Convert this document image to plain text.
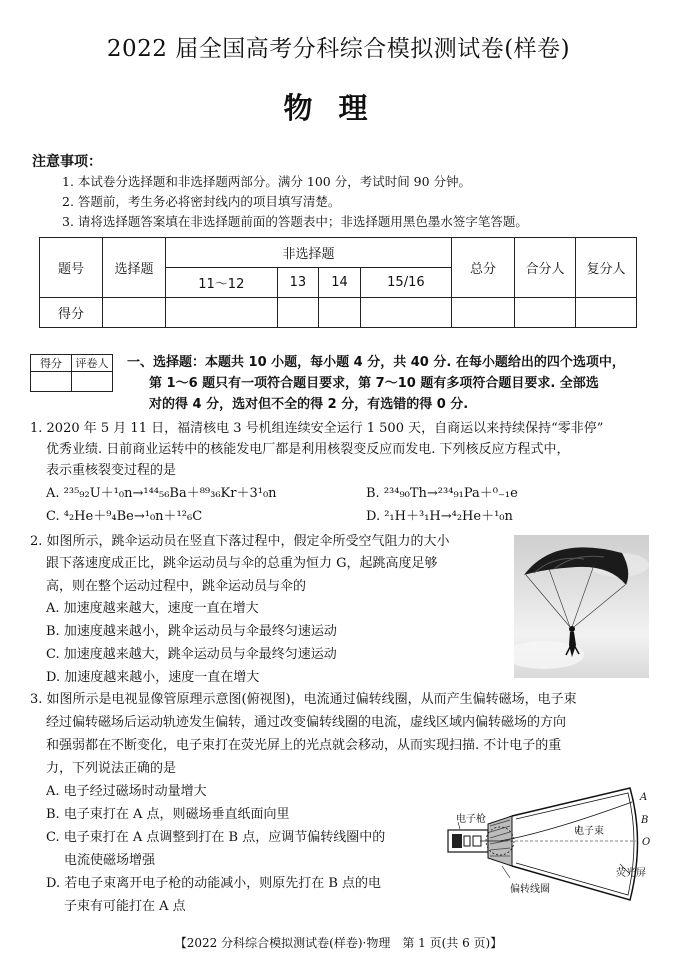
2022 届全国高考分科综合模拟测试卷(样卷)
物理
注意事项：
1. 本试卷分选择题和非选择题两部分。满分 100 分，考试时间 90 分钟。
2. 答题前，考生务必将密封线内的项目填写清楚。
3. 请将选择题答案填在非选择题前面的答题表中；非选择题用黑色墨水签字笔答题。
题号	选择题	非选择题				总分	合分人	复分人
		11～12	13	14	15/16			
得分								
得分	评卷人
	一、选择题：本题共 10 小题，每小题 4 分，共 40 分. 在每小题给出的四个选项中，
第 1～6 题只有一项符合题目要求，第 7～10 题有多项符合题目要求. 全部选
对的得 4 分，选对但不全的得 2 分，有选错的得 0 分.
1. 2020 年 5 月 11 日，福清核电 3 号机组连续安全运行 1 500 天，自商运以来持续保持“零非停”
优秀业绩. 日前商业运转中的核能发电厂都是利用核裂变反应而发电. 下列核反应方程式中，
表示重核裂变过程的是
A. ²³⁵₉₂U＋¹₀n→¹⁴⁴₅₆Ba＋⁸⁹₃₆Kr＋3¹₀n	B. ²³⁴₉₀Th→²³⁴₉₁Pa＋⁰₋₁e
C. ⁴₂He＋⁹₄Be→¹₀n＋¹²₆C	D. ²₁H＋³₁H→⁴₂He＋¹₀n
2. 如图所示，跳伞运动员在竖直下落过程中，假定伞所受空气阻力的大小
跟下落速度成正比，跳伞运动员与伞的总重为恒力 G，起跳高度足够
高，则在整个运动过程中，跳伞运动员与伞的
A. 加速度越来越大，速度一直在增大
B. 加速度越来越小，跳伞运动员与伞最终匀速运动
C. 加速度越来越大，跳伞运动员与伞最终匀速运动
D. 加速度越来越小，速度一直在增大
3. 如图所示是电视显像管原理示意图(俯视图)，电流通过偏转线圈，从而产生偏转磁场，电子束
经过偏转磁场后运动轨迹发生偏转，通过改变偏转线圈的电流，虚线区域内偏转磁场的方向
和强弱都在不断变化，电子束打在荧光屏上的光点就会移动，从而实现扫描. 不计电子的重
力，下列说法正确的是
A. 电子经过磁场时动量增大
B. 电子束打在 A 点，则磁场垂直纸面向里
C. 电子束打在 A 点调整到打在 B 点，应调节偏转线圈中的
电流使磁场增强
D. 若电子束离开电子枪的动能减小，则原先打在 B 点的电
子束有可能打在 A 点
电子枪
电子束
荧光屏
偏转线圈
A
B
O
【2022 分科综合模拟测试卷(样卷)·物理　第 1 页(共 6 页)】
